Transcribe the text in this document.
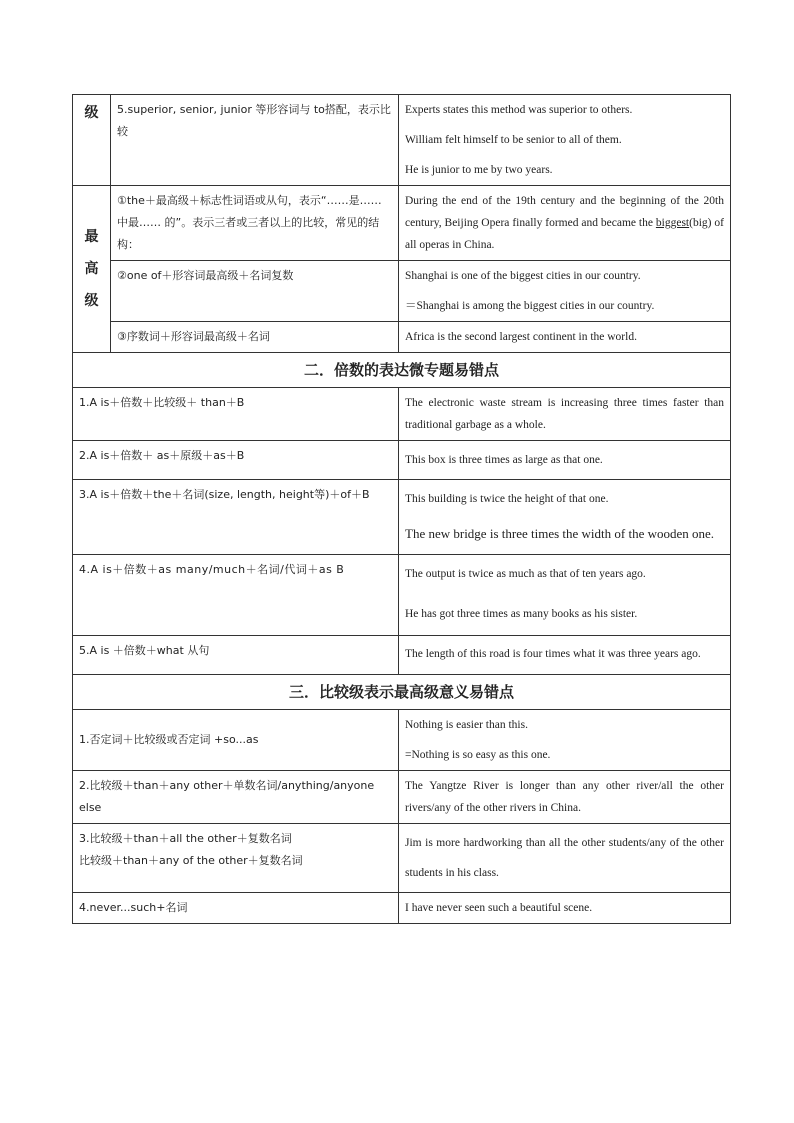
级	5.superior, senior, junior 等形容词与 to搭配，表示比较	Experts states this method was superior to others.
William felt himself to be senior to all of them.
He is junior to me by two years.

最
高
级	①the＋最高级＋标志性词语或从句，表示“……是…… 中最…… 的”。表示三者或三者以上的比较，常见的结构：	During the end of the 19th century and the beginning of the 20th century, Beijing Opera finally formed and became the biggest(big) of all operas in China.
	②one of＋形容词最高级＋名词复数	Shanghai is one of the biggest cities in our country.
＝Shanghai is among the biggest cities in our country.

	③序数词＋形容词最高级＋名词	Africa is the second largest continent in the world.
二．倍数的表达微专题易错点		
1.A is＋倍数＋比较级＋ than＋B		The electronic waste stream is increasing three times faster than traditional garbage as a whole.
2.A is＋倍数＋ as＋原级＋as＋B		This box is three times as large as that one.
3.A is＋倍数＋the＋名词(size, length, height等)＋of＋B		This building is twice the height of that one.
The new bridge is three times the width of the wooden one.

4.A is＋倍数＋as many/much＋名词/代词＋as B		The output is twice as much as that of ten years ago.
He has got three times as many books as his sister.

5.A is ＋倍数＋what 从句		The length of this road is four times what it was three years ago.
三．比较级表示最高级意义易错点		
1.否定词＋比较级或否定词 +so...as		Nothing is easier than this.
=Nothing is so easy as this one.

2.比较级＋than＋any other＋单数名词/anything/anyone else		The Yangtze River is longer than any other river/all the other rivers/any of the other rivers in China.

3.比较级＋than＋all the other＋复数名词
比较级＋than＋any of the other＋复数名词		Jim is more hardworking than all the other students/any of the other students in his class.
4.never...such+名词		I have never seen such a beautiful scene.
